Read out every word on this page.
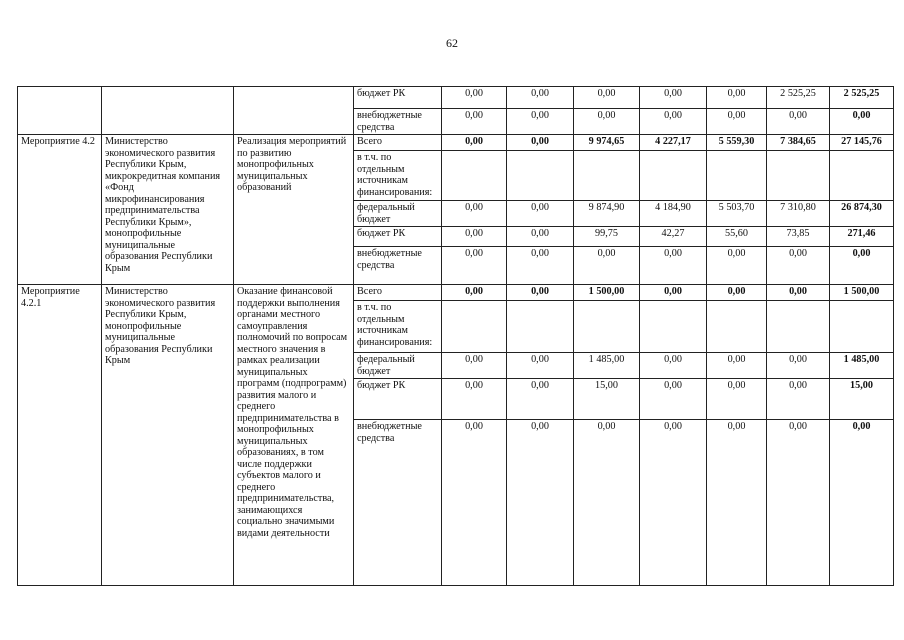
62
			бюджет РК	0,00	0,00	0,00	0,00	0,00	2 525,25	2 525,25
			внебюджетные средства	0,00	0,00	0,00	0,00	0,00	0,00	0,00
Мероприятие 4.2	Министерство экономического развития Республики Крым, микрокредитная компания «Фонд микрофинансирования предпринимательства Республики Крым», монопрофильные муниципальные образования Республики Крым	Реализация мероприятий по развитию монопрофильных муниципальных образований	Всего	0,00	0,00	9 974,65	4 227,17	5 559,30	7 384,65	27 145,76
			в т.ч. по отдельным источникам финансирования:							
			федеральный бюджет	0,00	0,00	9 874,90	4 184,90	5 503,70	7 310,80	26 874,30
			бюджет РК	0,00	0,00	99,75	42,27	55,60	73,85	271,46
			внебюджетные средства	0,00	0,00	0,00	0,00	0,00	0,00	0,00
Мероприятие 4.2.1	Министерство экономического развития Республики Крым, монопрофильные муниципальные образования Республики Крым	Оказание финансовой поддержки выполнения органами местного самоуправления полномочий по вопросам местного значения в рамках реализации муниципальных программ (подпрограмм) развития малого и среднего предпринимательства в монопрофильных муниципальных образованиях, в том числе поддержки субъектов малого и среднего предпринимательства, занимающихся социально значимыми видами деятельности	Всего	0,00	0,00	1 500,00	0,00	0,00	0,00	1 500,00
			в т.ч. по отдельным источникам финансирования:							
			федеральный бюджет	0,00	0,00	1 485,00	0,00	0,00	0,00	1 485,00
			бюджет РК	0,00	0,00	15,00	0,00	0,00	0,00	15,00
			внебюджетные средства	0,00	0,00	0,00	0,00	0,00	0,00	0,00
